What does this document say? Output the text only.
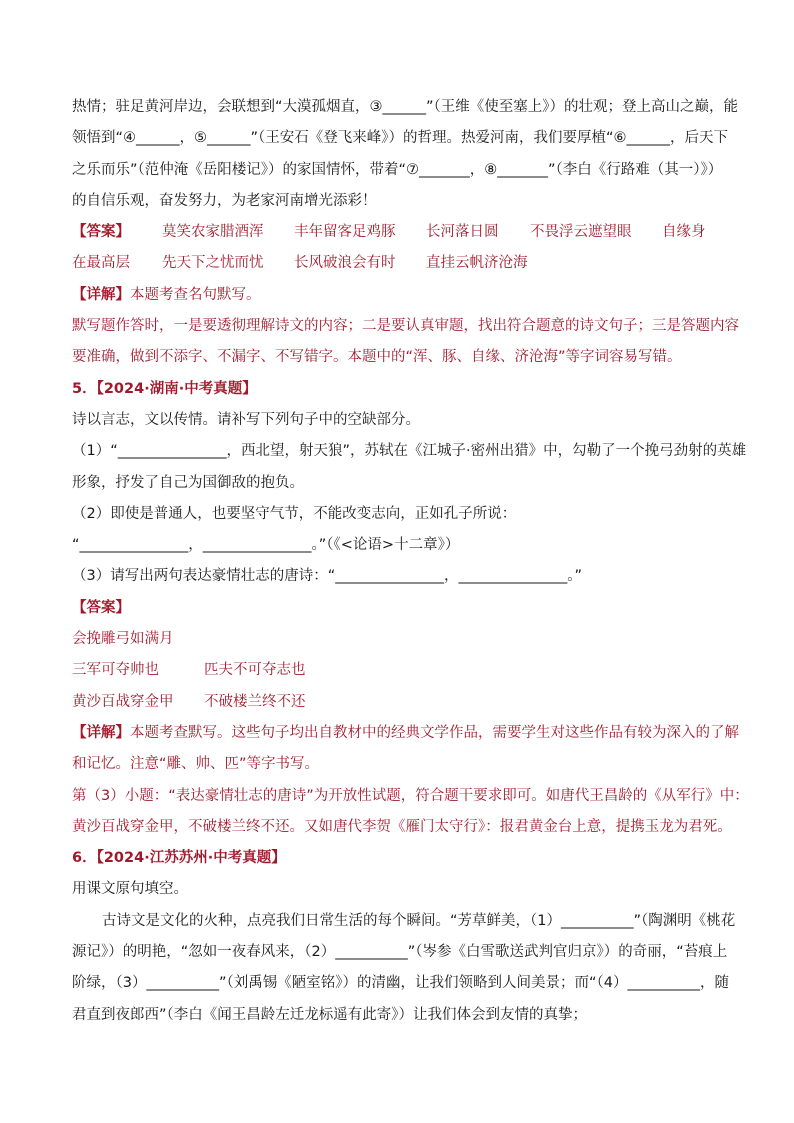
热情；驻足黄河岸边，会联想到“大漠孤烟直，③______”（王维《使至塞上》）的壮观；登上高山之巅，能
领悟到“④______，⑤______”（王安石《登飞来峰》）的哲理。热爱河南，我们要厚植“⑥______，后天下
之乐而乐”（范仲淹《岳阳楼记》）的家国情怀，带着“⑦_______，⑧_______”（李白《行路难（其一）》）
的自信乐观，奋发努力，为老家河南增光添彩！
【答案】 莫笑农家腊酒浑 丰年留客足鸡豚 长河落日圆 不畏浮云遮望眼 自缘身
在最高层 先天下之忧而忧 长风破浪会有时 直挂云帆济沧海
【详解】本题考查名句默写。
默写题作答时，一是要透彻理解诗文的内容；二是要认真审题，找出符合题意的诗文句子；三是答题内容
要准确，做到不添字、不漏字、不写错字。本题中的“浑、豚、自缘、济沧海”等字词容易写错。
5．【2024·湖南·中考真题】
诗以言志，文以传情。请补写下列句子中的空缺部分。
（1）“_______________，西北望，射天狼”，苏轼在《江城子·密州出猎》中，勾勒了一个挽弓劲射的英雄
形象，抒发了自己为国御敌的抱负。
（2）即使是普通人，也要坚守气节，不能改变志向，正如孔子所说：
“_______________，_______________。”（《<论语>十二章》）
（3）请写出两句表达豪情壮志的唐诗：“_______________，_______________。”
【答案】
会挽雕弓如满月
三军可夺帅也	匹夫不可夺志也
黄沙百战穿金甲 不破楼兰终不还
【详解】本题考查默写。这些句子均出自教材中的经典文学作品，需要学生对这些作品有较为深入的了解
和记忆。注意“雕、帅、匹”等字书写。
第（3）小题：“表达豪情壮志的唐诗”为开放性试题，符合题干要求即可。如唐代王昌龄的《从军行》中：
黄沙百战穿金甲，不破楼兰终不还。又如唐代李贺《雁门太守行》：报君黄金台上意，提携玉龙为君死。
6．【2024·江苏苏州·中考真题】
用课文原句填空。
古诗文是文化的火种，点亮我们日常生活的每个瞬间。“芳草鲜美，（1）__________”（陶渊明《桃花
源记》）的明艳，“忽如一夜春风来，（2）__________”（岑参《白雪歌送武判官归京》）的奇丽，“苔痕上
阶绿，（3）__________”（刘禹锡《陋室铭》）的清幽，让我们领略到人间美景；而“（4）__________，随
君直到夜郎西”（李白《闻王昌龄左迁龙标遥有此寄》）让我们体会到友情的真挚；
